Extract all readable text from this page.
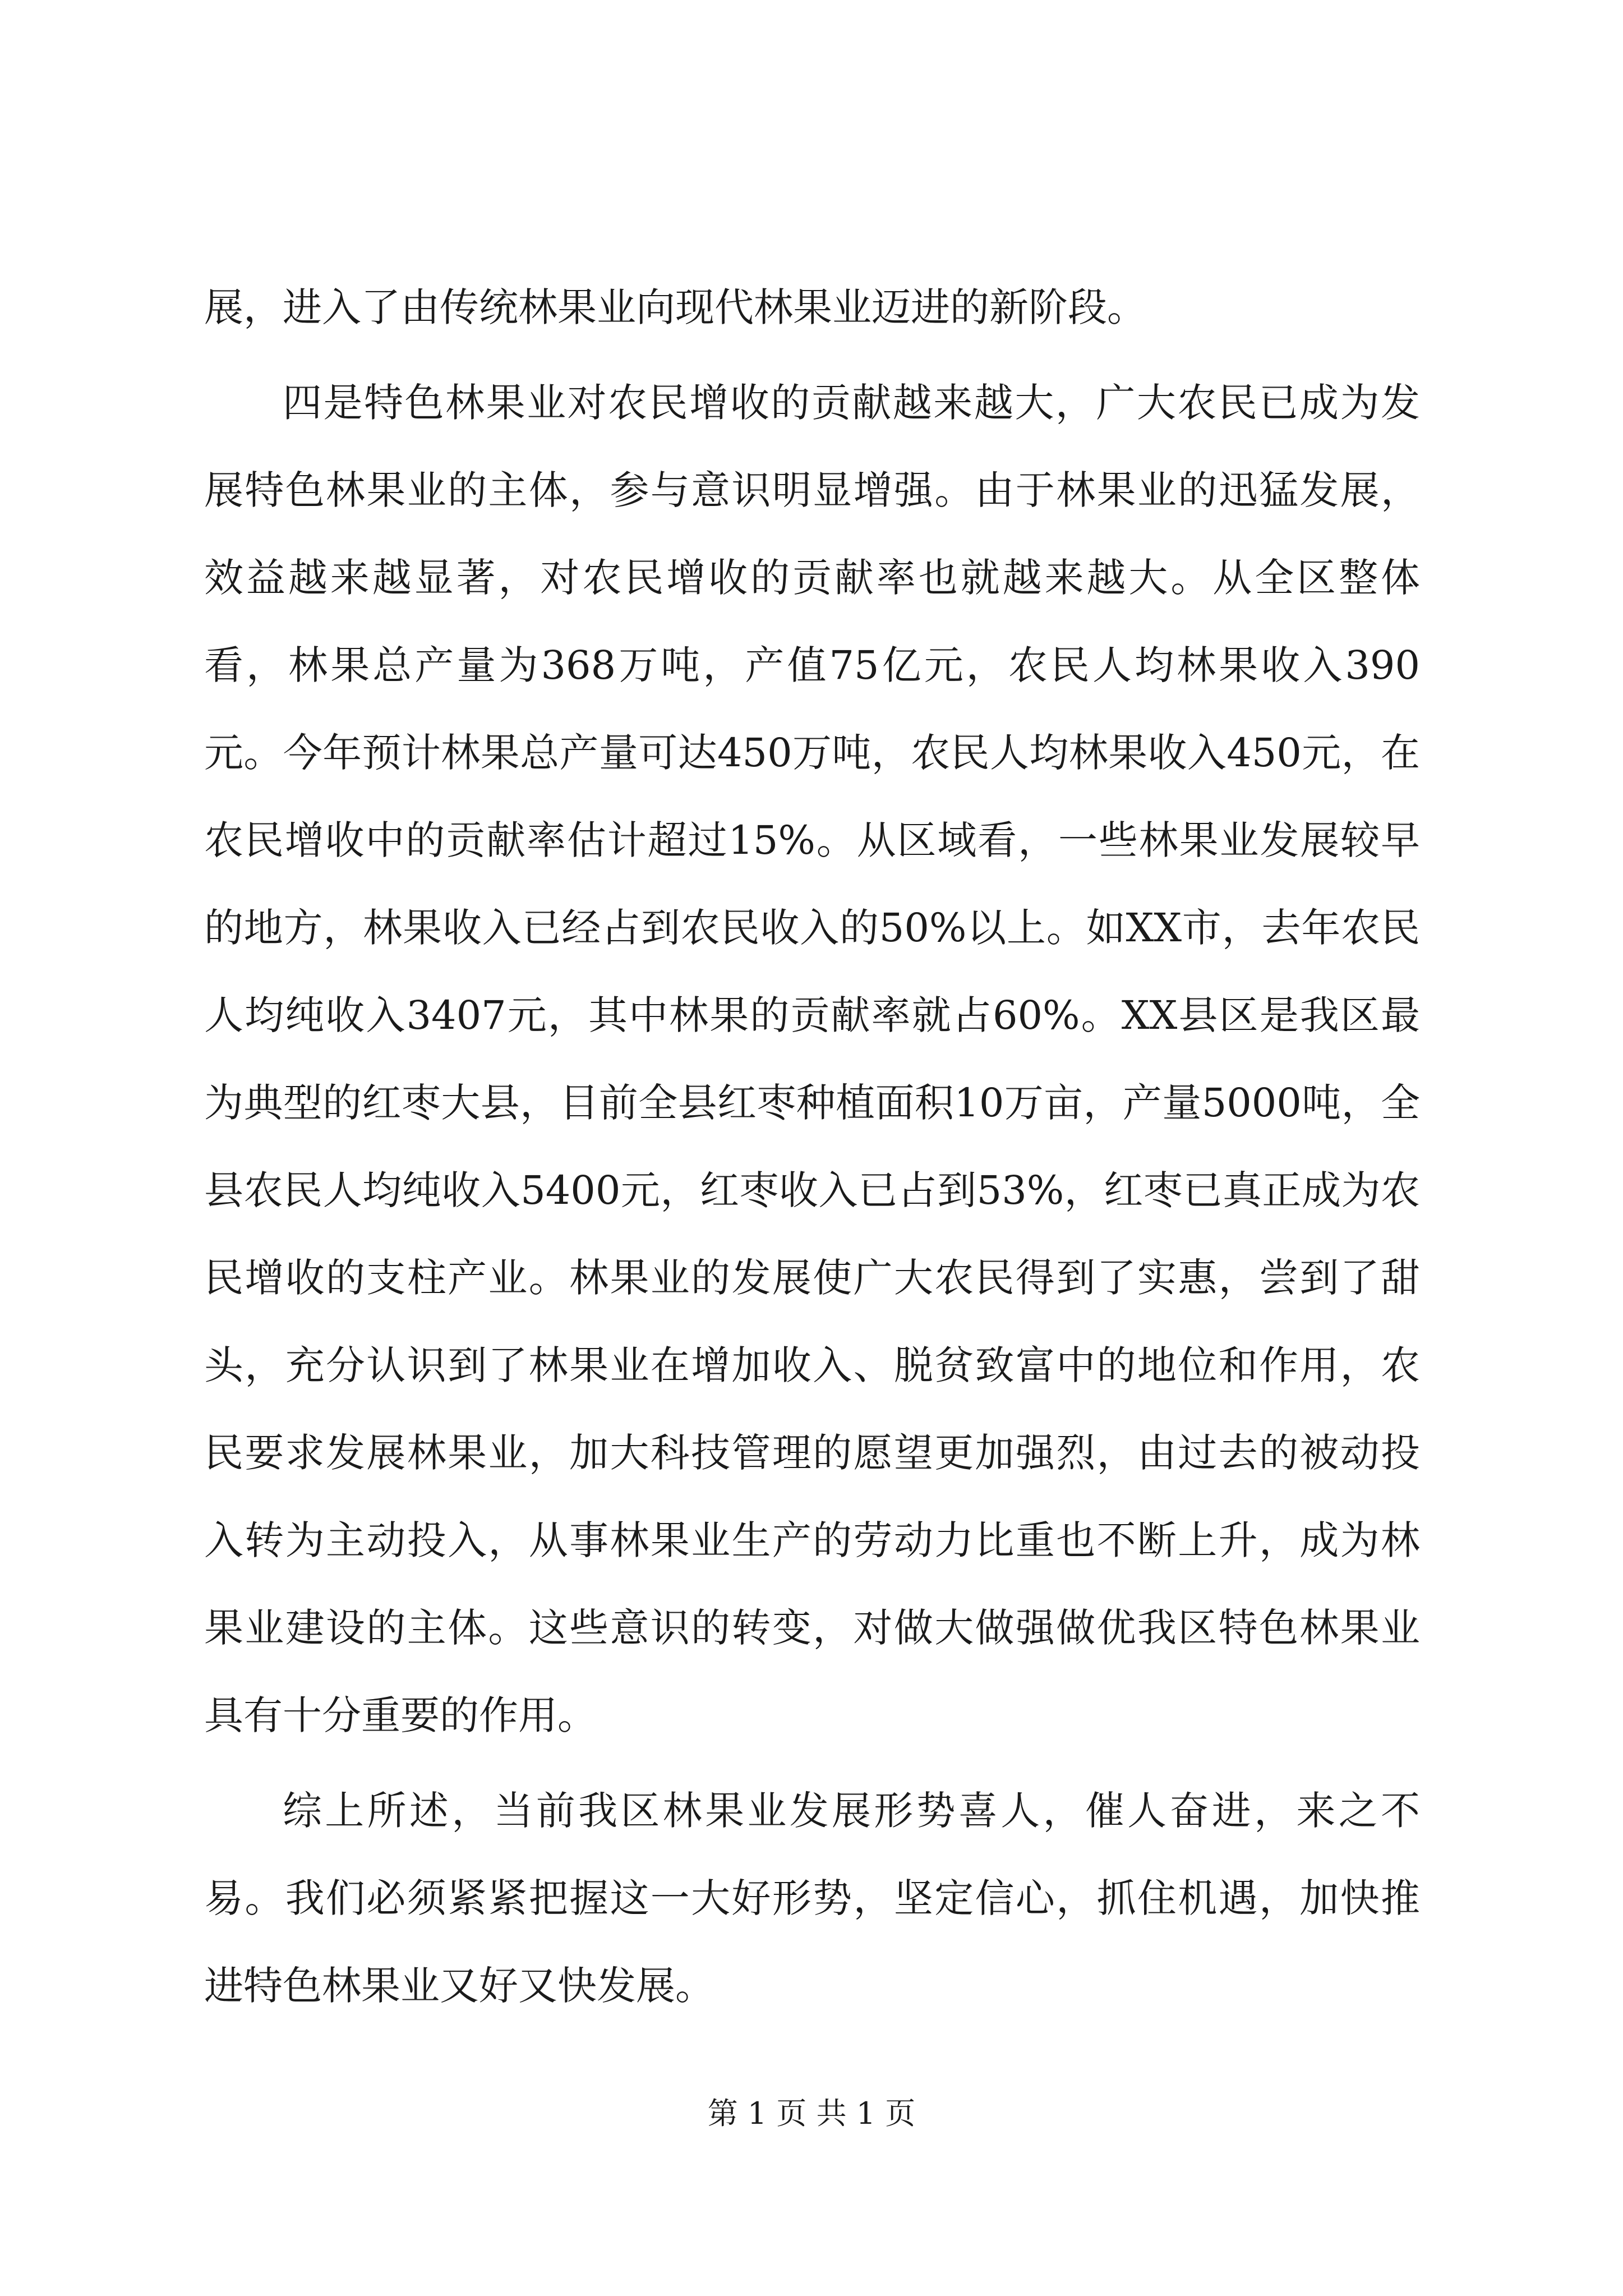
展，进入了由传统林果业向现代林果业迈进的新阶段。

四是特色林果业对农民增收的贡献越来越大，广大农民已成为发展特色林果业的主体，参与意识明显增强。由于林果业的迅猛发展，效益越来越显著，对农民增收的贡献率也就越来越大。从全区整体看，林果总产量为368万吨，产值75亿元，农民人均林果收入390元。今年预计林果总产量可达450万吨，农民人均林果收入450元，在农民增收中的贡献率估计超过15%。从区域看，一些林果业发展较早的地方，林果收入已经占到农民收入的50%以上。如XX市，去年农民人均纯收入3407元，其中林果的贡献率就占60%。XX县区是我区最为典型的红枣大县，目前全县红枣种植面积10万亩，产量5000吨，全县农民人均纯收入5400元，红枣收入已占到53%，红枣已真正成为农民增收的支柱产业。林果业的发展使广大农民得到了实惠，尝到了甜头，充分认识到了林果业在增加收入、脱贫致富中的地位和作用，农民要求发展林果业，加大科技管理的愿望更加强烈，由过去的被动投入转为主动投入，从事林果业生产的劳动力比重也不断上升，成为林果业建设的主体。这些意识的转变，对做大做强做优我区特色林果业具有十分重要的作用。

综上所述，当前我区林果业发展形势喜人，催人奋进，来之不易。我们必须紧紧把握这一大好形势，坚定信心，抓住机遇，加快推进特色林果业又好又快发展。

第 1 页 共 1 页
